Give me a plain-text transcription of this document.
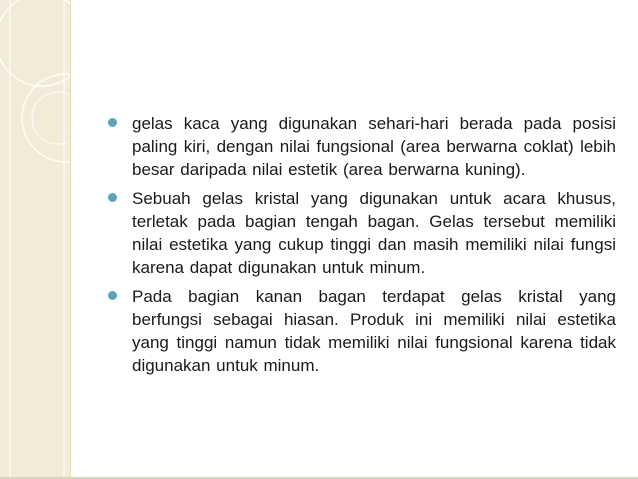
gelas kaca yang digunakan sehari-hari berada pada posisi paling kiri, dengan nilai fungsional (area berwarna coklat) lebih besar daripada nilai estetik (area berwarna kuning).
Sebuah gelas kristal yang digunakan untuk acara khusus, terletak pada bagian tengah bagan. Gelas tersebut memiliki nilai estetika yang cukup tinggi dan masih memiliki nilai fungsi karena dapat digunakan untuk minum.
Pada bagian kanan bagan terdapat gelas kristal yang berfungsi sebagai hiasan. Produk ini memiliki nilai estetika yang tinggi namun tidak memiliki nilai fungsional karena tidak digunakan untuk minum.
